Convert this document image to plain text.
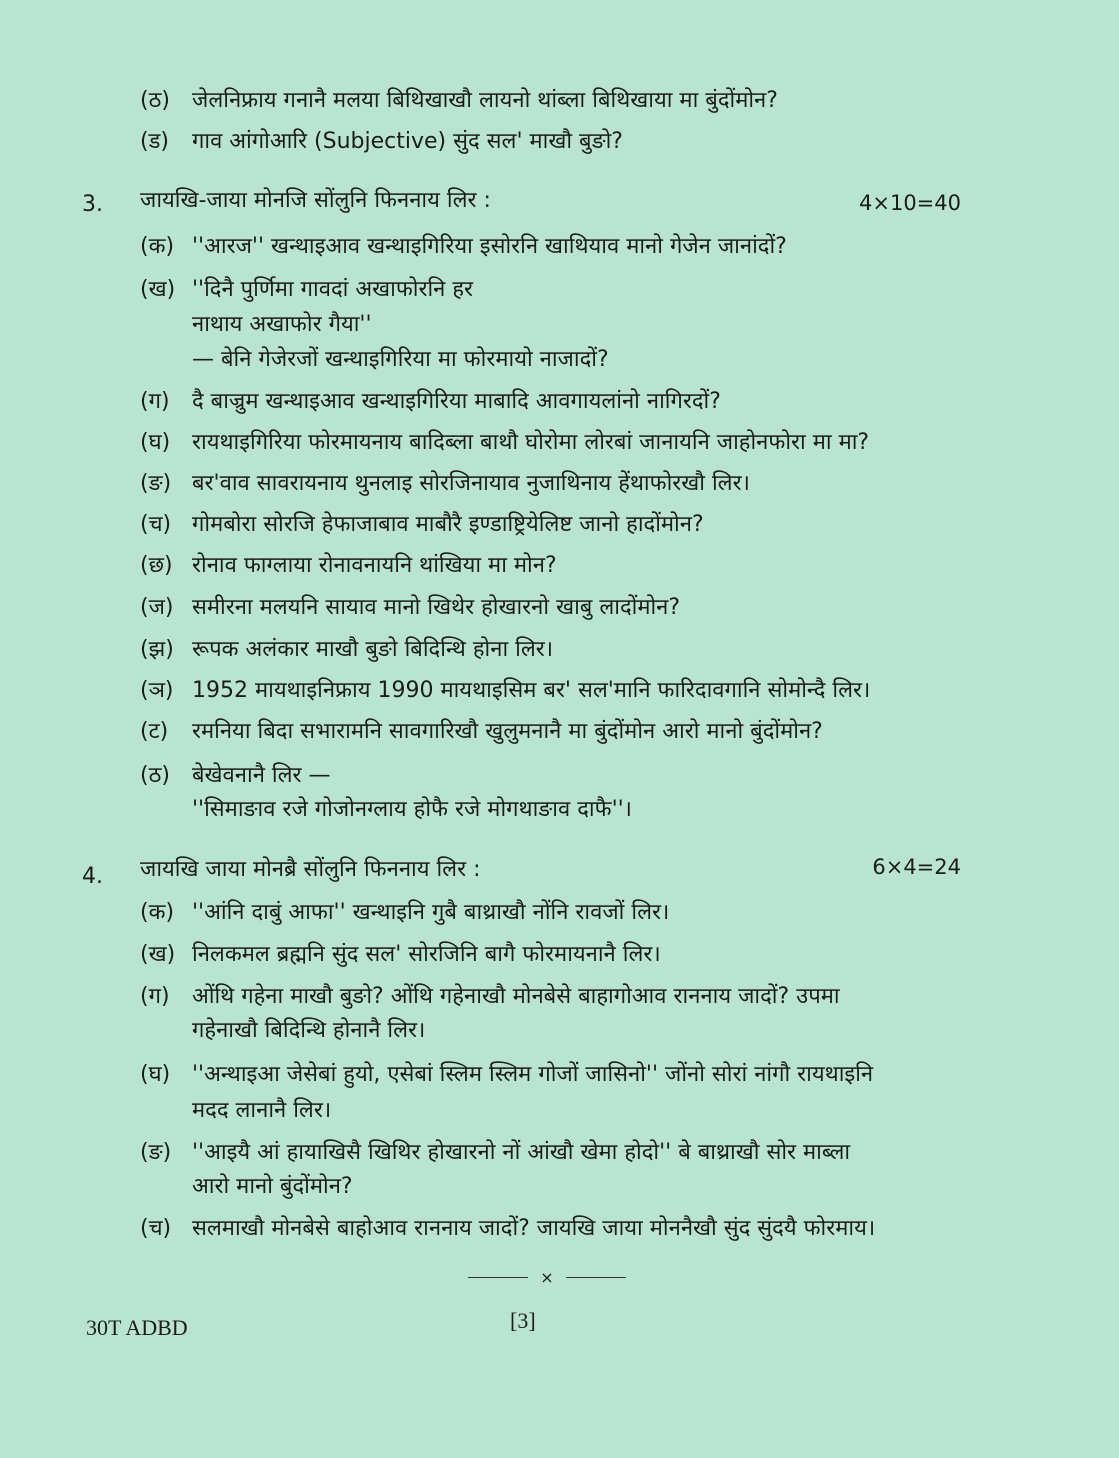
(ठ) जेलनिफ्राय गनानै मलया बिथिखाखौ लायनो थांब्ला बिथिखाया मा बुंदोंमोन?
(ड) गाव आंगोआरि (Subjective) सुंद सल' माखौ बुङो?
3. जायखि-जाया मोनजि सोंलुनि फिननाय लिर :	4×10=40
(क) ''आरज'' खन्थाइआव खन्थाइगिरिया इसोरनि खाथियाव मानो गेजेन जानांदों?
(ख) ''दिनै पुर्णिमा गावदां अखाफोरनि हर
नाथाय अखाफोर गैया''
— बेनि गेजेरजों खन्थाइगिरिया मा फोरमायो नाजादों?
(ग) दै बाज्रुम खन्थाइआव खन्थाइगिरिया माबादि आवगायलांनो नागिरदों?
(घ) रायथाइगिरिया फोरमायनाय बादिब्ला बाथौ घोरोमा लोरबां जानायनि जाहोनफोरा मा मा?
(ङ) बर'वाव सावरायनाय थुनलाइ सोरजिनायाव नुजाथिनाय हेंथाफोरखौ लिर।
(च) गोमबोरा सोरजि हेफाजाबाव माबौरै इण्डाष्ट्रियेलिष्ट जानो हादोंमोन?
(छ) रोनाव फाग्लाया रोनावनायनि थांखिया मा मोन?
(ज) समीरना मलयनि सायाव मानो खिथेर होखारनो खाबु लादोंमोन?
(झ) रूपक अलंकार माखौ बुङो बिदिन्थि होना लिर।
(ञ) 1952 मायथाइनिफ्राय 1990 मायथाइसिम बर' सल'मानि फारिदावगानि सोमोन्दै लिर।
(ट) रमनिया बिदा सभारामनि सावगारिखौ खुलुमनानै मा बुंदोंमोन आरो मानो बुंदोंमोन?
(ठ) बेखेवनानै लिर —
''सिमाङाव रजे गोजोनग्लाय होफै रजे मोगथाङाव दाफै''।
4. जायखि जाया मोनब्रै सोंलुनि फिननाय लिर :	6×4=24
(क) ''आंनि दाबुं आफा'' खन्थाइनि गुबै बाथ्राखौ नोंनि रावजों लिर।
(ख) निलकमल ब्रह्मनि सुंद सल' सोरजिनि बागै फोरमायनानै लिर।
(ग) ओंथि गहेना माखौ बुङो? ओंथि गहेनाखौ मोनबेसे बाहागोआव राननाय जादों? उपमा
गहेनाखौ बिदिन्थि होनानै लिर।
(घ) ''अन्थाइआ जेसेबां हुयो, एसेबां स्लिम स्लिम गोजों जासिनो'' जोंनो सोरां नांगौ रायथाइनि
मदद लानानै लिर।
(ङ) ''आइयै आं हायाखिसै खिथिर होखारनो नों आंखौ खेमा होदो'' बे बाथ्राखौ सोर माब्ला
आरो मानो बुंदोंमोन?
(च) सलमाखौ मोनबेसे बाहोआव राननाय जादों? जायखि जाया मोननैखौ सुंद सुंदयै फोरमाय।
×
30T ADBD	[3]
